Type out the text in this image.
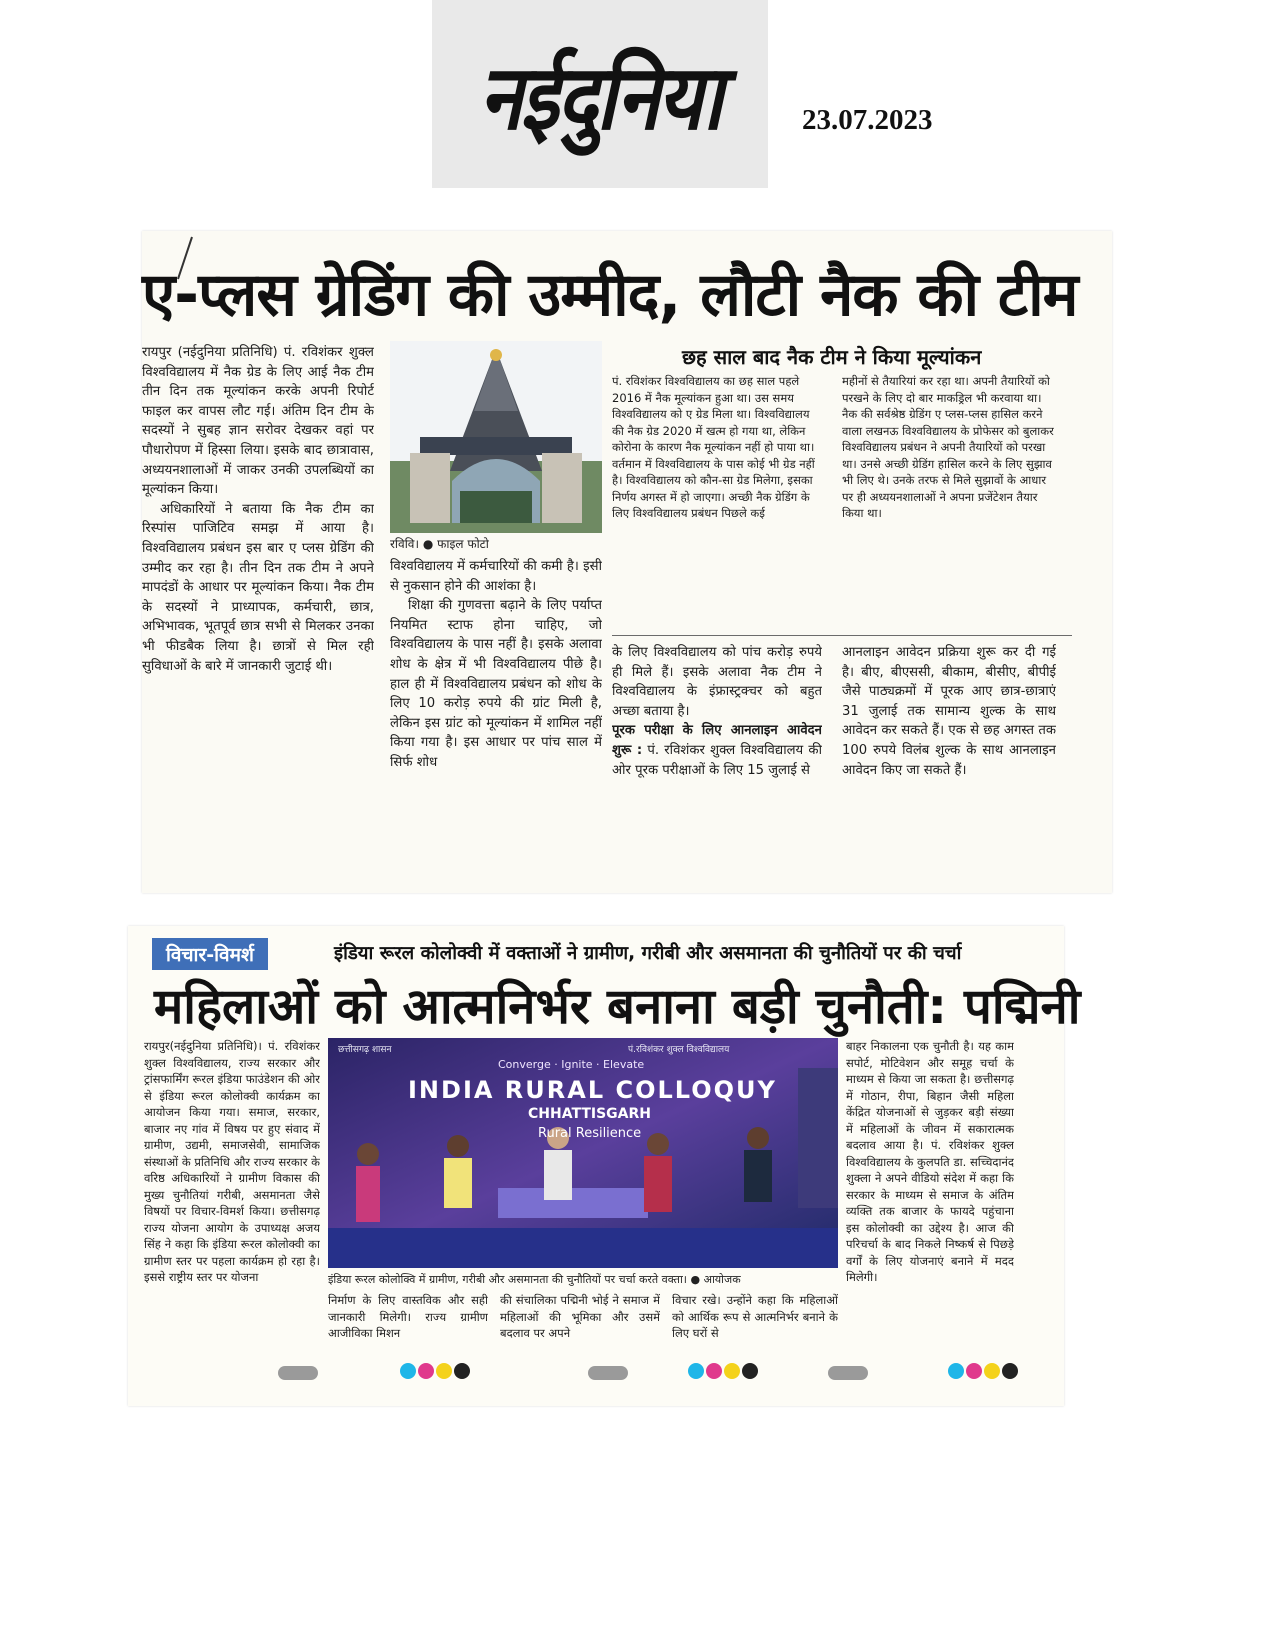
नईदुनिया	23.07.2023
ए-प्लस ग्रेडिंग की उम्मीद, लौटी नैक की टीम

रायपुर (नईदुनिया प्रतिनिधि) पं. रविशंकर शुक्ल विश्वविद्यालय में नैक ग्रेड के लिए आई नैक टीम तीन दिन तक मूल्यांकन करके अपनी रिपोर्ट फाइल कर वापस लौट गई। अंतिम दिन टीम के सदस्यों ने सुबह ज्ञान सरोवर देखकर वहां पर पौधारोपण में हिस्सा लिया। इसके बाद छात्रावास, अध्ययनशालाओं में जाकर उनकी उपलब्धियों का मूल्यांकन किया।

अधिकारियों ने बताया कि नैक टीम का रिस्पांस पाजिटिव समझ में आया है। विश्वविद्यालय प्रबंधन इस बार ए प्लस ग्रेडिंग की उम्मीद कर रहा है। तीन दिन तक टीम ने अपने मापदंडों के आधार पर मूल्यांकन किया। नैक टीम के सदस्यों ने प्राध्यापक, कर्मचारी, छात्र, अभिभावक, भूतपूर्व छात्र सभी से मिलकर उनका भी फीडबैक लिया है। छात्रों से मिल रही सुविधाओं के बारे में जानकारी जुटाई थी।

रविवि। ● फाइल फोटो

विश्वविद्यालय में कर्मचारियों की कमी है। इसी से नुकसान होने की आशंका है।

शिक्षा की गुणवत्ता बढ़ाने के लिए पर्याप्त नियमित स्टाफ होना चाहिए, जो विश्वविद्यालय के पास नहीं है। इसके अलावा शोध के क्षेत्र में भी विश्वविद्यालय पीछे है। हाल ही में विश्वविद्यालय प्रबंधन को शोध के लिए 10 करोड़ रुपये की ग्रांट मिली है, लेकिन इस ग्रांट को मूल्यांकन में शामिल नहीं किया गया है। इस आधार पर पांच साल में सिर्फ शोध

छह साल बाद नैक टीम ने किया मूल्यांकन
पं. रविशंकर विश्वविद्यालय का छह साल पहले 2016 में नैक मूल्यांकन हुआ था। उस समय विश्वविद्यालय को ए ग्रेड मिला था। विश्वविद्यालय की नैक ग्रेड 2020 में खत्म हो गया था, लेकिन कोरोना के कारण नैक मूल्यांकन नहीं हो पाया था। वर्तमान में विश्वविद्यालय के पास कोई भी ग्रेड नहीं है। विश्वविद्यालय को कौन-सा ग्रेड मिलेगा, इसका निर्णय अगस्त में हो जाएगा। अच्छी नैक ग्रेडिंग के लिए विश्वविद्यालय प्रबंधन पिछले कई
महीनों से तैयारियां कर रहा था। अपनी तैयारियों को परखने के लिए दो बार माकड्रिल भी करवाया था। नैक की सर्वश्रेष्ठ ग्रेडिंग ए प्लस-प्लस हासिल करने वाला लखनऊ विश्वविद्यालय के प्रोफेसर को बुलाकर विश्वविद्यालय प्रबंधन ने अपनी तैयारियों को परखा था। उनसे अच्छी ग्रेडिंग हासिल करने के लिए सुझाव भी लिए थे। उनके तरफ से मिले सुझावों के आधार पर ही अध्ययनशालाओं ने अपना प्रजेंटेशन तैयार किया था।

के लिए विश्वविद्यालय को पांच करोड़ रुपये ही मिले हैं। इसके अलावा नैक टीम ने विश्वविद्यालय के इंफ्रास्ट्रक्चर को बहुत अच्छा बताया है।

पूरक परीक्षा के लिए आनलाइन आवेदन शुरू : पं. रविशंकर शुक्ल विश्वविद्यालय की ओर पूरक परीक्षाओं के लिए 15 जुलाई से

आनलाइन आवेदन प्रक्रिया शुरू कर दी गई है। बीए, बीएससी, बीकाम, बीसीए, बीपीई जैसे पाठ्यक्रमों में पूरक आए छात्र-छात्राएं 31 जुलाई तक सामान्य शुल्क के साथ आवेदन कर सकते हैं। एक से छह अगस्त तक 100 रुपये विलंब शुल्क के साथ आनलाइन आवेदन किए जा सकते हैं।
विचार-विमर्श	इंडिया रूरल कोलोक्वी में वक्ताओं ने ग्रामीण, गरीबी और असमानता की चुनौतियों पर की चर्चा
महिलाओं को आत्मनिर्भर बनाना बड़ी चुनौती: पद्मिनी
रायपुर(नईदुनिया प्रतिनिधि)। पं. रविशंकर शुक्ल विश्वविद्यालय, राज्य सरकार और ट्रांसफार्मिंग रूरल इंडिया फाउंडेशन की ओर से इंडिया रूरल कोलोक्वी कार्यक्रम का आयोजन किया गया। समाज, सरकार, बाजार नए गांव में विषय पर हुए संवाद में ग्रामीण, उद्यमी, समाजसेवी, सामाजिक संस्थाओं के प्रतिनिधि और राज्य सरकार के वरिष्ठ अधिकारियों ने ग्रामीण विकास की मुख्य चुनौतियां गरीबी, असमानता जैसे विषयों पर विचार-विमर्श किया। छत्तीसगढ़ राज्य योजना आयोग के उपाध्यक्ष अजय सिंह ने कहा कि इंडिया रूरल कोलोक्वी का ग्रामीण स्तर पर पहला कार्यक्रम हो रहा है। इससे राष्ट्रीय स्तर पर योजना
छत्तीसगढ़ शासन	पं.रविशंकर शुक्ल विश्वविद्यालय
Converge · Ignite · Elevate
INDIA RURAL COLLOQUY
CHHATTISGARH
Rural Resilience
इंडिया रूरल कोलोक्वि में ग्रामीण, गरीबी और असमानता की चुनौतियों पर चर्चा करते वक्ता। ● आयोजक
निर्माण के लिए वास्तविक और सही जानकारी मिलेगी। राज्य ग्रामीण आजीविका मिशन
की संचालिका पद्मिनी भोई ने समाज में महिलाओं की भूमिका और उसमें बदलाव पर अपने
विचार रखे। उन्होंने कहा कि महिलाओं को आर्थिक रूप से आत्मनिर्भर बनाने के लिए घरों से
बाहर निकालना एक चुनौती है। यह काम सपोर्ट, मोटिवेशन और समूह चर्चा के माध्यम से किया जा सकता है। छत्तीसगढ़ में गोठान, रीपा, बिहान जैसी महिला केंद्रित योजनाओं से जुड़कर बड़ी संख्या में महिलाओं के जीवन में सकारात्मक बदलाव आया है। पं. रविशंकर शुक्ल विश्वविद्यालय के कुलपति डा. सच्चिदानंद शुक्ला ने अपने वीडियो संदेश में कहा कि सरकार के माध्यम से समाज के अंतिम व्यक्ति तक बाजार के फायदे पहुंचाना इस कोलोक्वी का उद्देश्य है। आज की परिचर्चा के बाद निकले निष्कर्ष से पिछड़े वर्गों के लिए योजनाएं बनाने में मदद मिलेगी।
